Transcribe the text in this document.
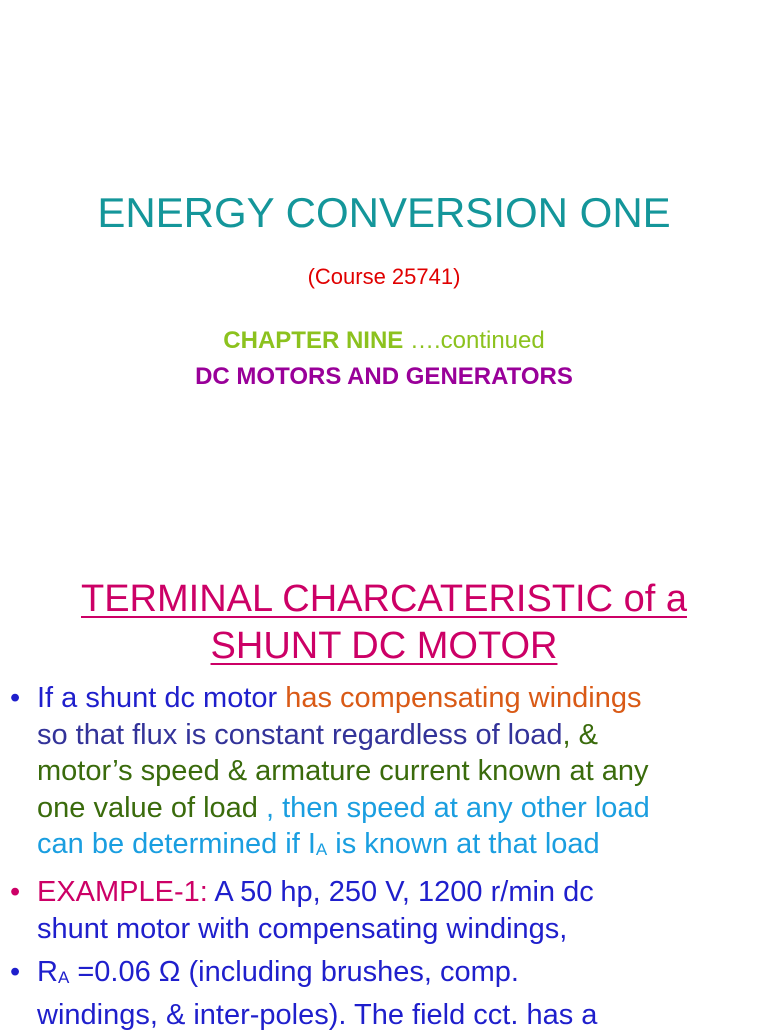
ENERGY CONVERSION ONE
(Course 25741)
CHAPTER NINE ….continued
DC MOTORS AND GENERATORS
TERMINAL CHARCATERISTIC of a
SHUNT DC MOTOR
• If a shunt dc motor has compensating windings
so that flux is constant regardless of load, &
motor’s speed & armature current known at any
one value of load , then speed at any other load
can be determined if IA is known at that load
• EXAMPLE-1: A 50 hp, 250 V, 1200 r/min dc
shunt motor with compensating windings,
• RA =0.06 Ω (including brushes, comp.
windings, & inter-poles). The field cct. has a
